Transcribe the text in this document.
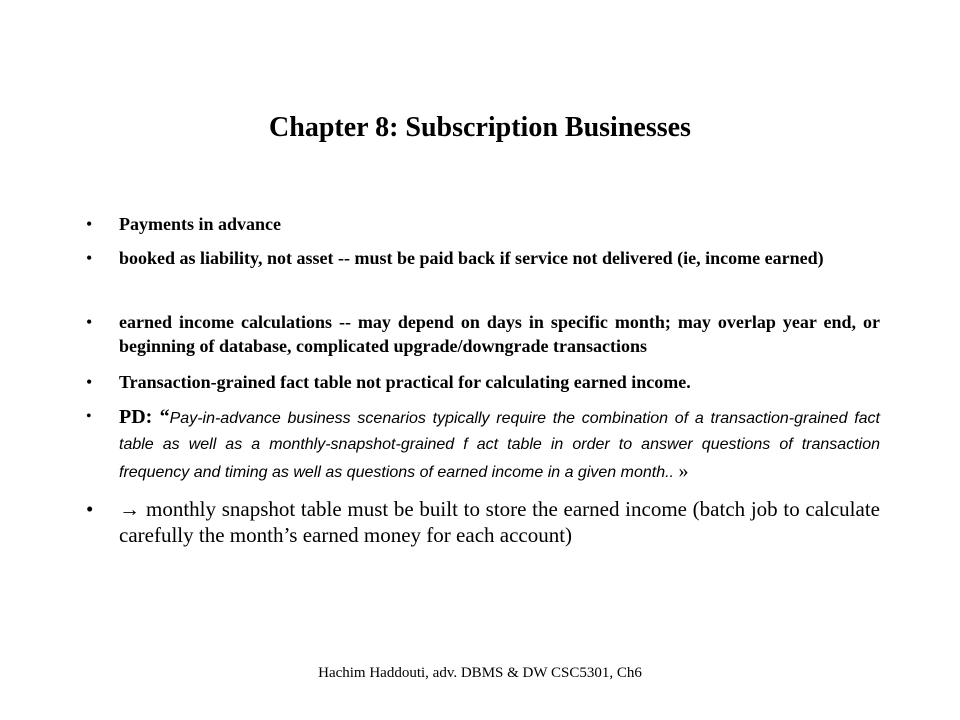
Chapter 8: Subscription Businesses
• Payments in advance
• booked as liability, not asset -- must be paid back if service not delivered (ie, income earned)
• earned income calculations -- may depend on days in specific month; may overlap year end, or beginning of database, complicated upgrade/downgrade transactions
• Transaction-grained fact table not practical for calculating earned income.
• PD: “Pay-in-advance business scenarios typically require the combination of a transaction-grained fact table as well as a monthly-snapshot-grained f act table in order to answer questions of transaction frequency and timing as well as questions of earned income in a given month.. »
• → monthly snapshot table must be built to store the earned income (batch job to calculate carefully the month’s earned money for each account)
Hachim Haddouti, adv. DBMS & DW CSC5301, Ch6
